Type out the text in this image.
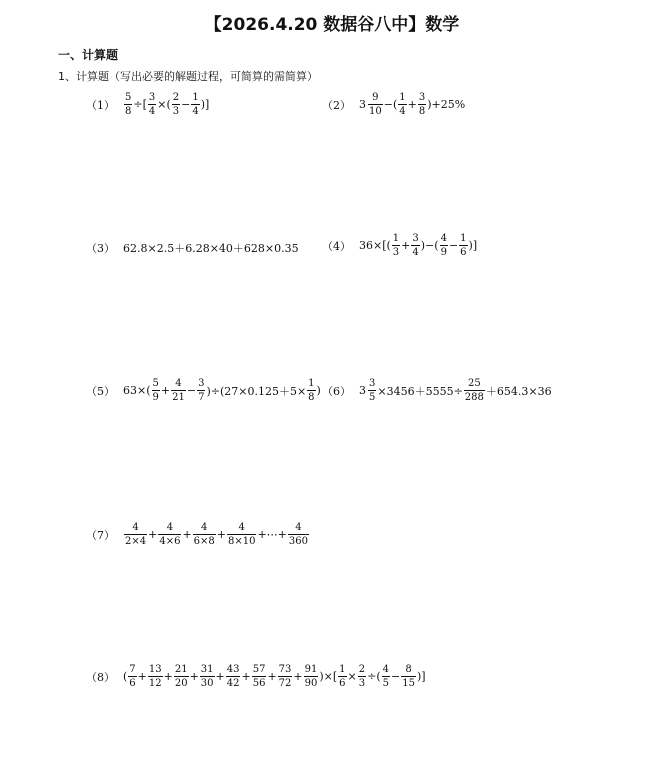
【2026.4.20 数据谷八中】数学
一、计算题
1、计算题（写出必要的解题过程，可简算的需简算）
$(1) \frac{5}{8}$ ÷[ $\frac{3}{4}$ ×( $\frac{2}{3} - \frac{1}{4}$ )]	（2） $3 \frac{9}{10}$ −( $\frac{1}{4} + \frac{3}{8} )+25\%$
（3） 62.8×2.5＋6.28×40＋628×0.35 （4） $36\times[( \frac{1}{3} + \frac{3}{4}$ )−( $\frac{4}{9} - \frac{1}{6}$ )]
（5） $63\times( \frac{5}{9} + \frac{4}{21} - \frac{3}{7} )\div(27\times 0.125+5\times \frac{1}{8}$ ) （6） $3 \frac{3}{5} \times 3456+5555\div \frac{25}{288} +654.3\times 36$
$(7) \frac{4}{2\times 4} + \frac{4}{4\times 6} + \frac{4}{6\times 8} + \frac{4}{8\times 10}$ +⋯+ $\frac{4}{360}$
（8） ( $\frac{7}{6} + \frac{13}{12} + \frac{21}{20} + \frac{31}{30} + \frac{43}{42} + \frac{57}{56} + \frac{73}{72} + \frac{91}{90}$ )×[ $\frac{1}{6} \times \frac{2}{3}$ ÷( $\frac{4}{5} - \frac{8}{15}$ )]
